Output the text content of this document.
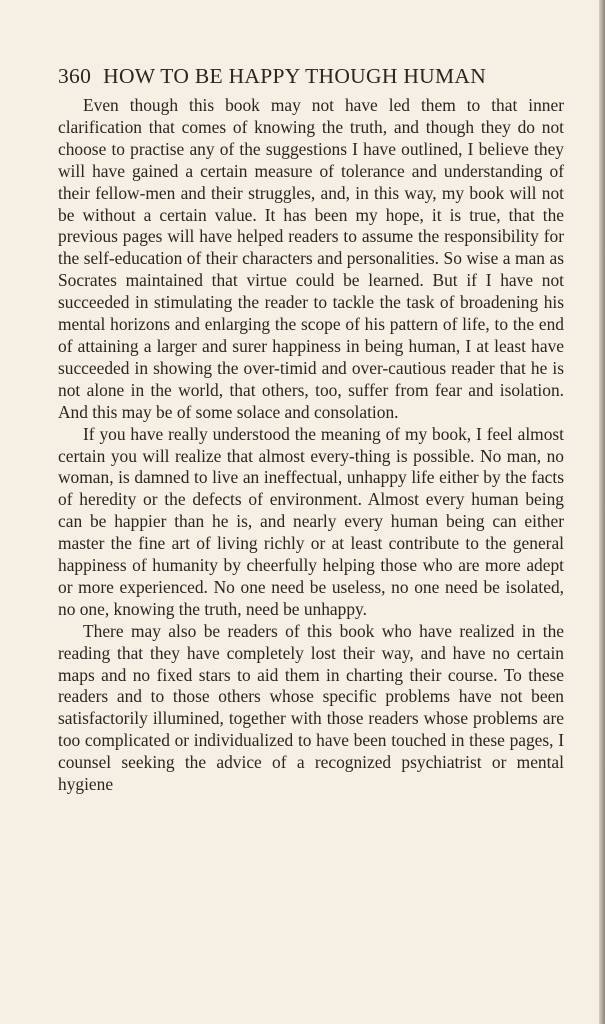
360 HOW TO BE HAPPY THOUGH HUMAN

Even though this book may not have led them to that inner clarification that comes of knowing the truth, and though they do not choose to practise any of the suggestions I have outlined, I believe they will have gained a certain measure of tolerance and understanding of their fellow-men and their struggles, and, in this way, my book will not be without a certain value. It has been my hope, it is true, that the previous pages will have helped readers to assume the responsibility for the self-education of their characters and personalities. So wise a man as Socrates maintained that virtue could be learned. But if I have not succeeded in stimulating the reader to tackle the task of broadening his mental horizons and enlarging the scope of his pattern of life, to the end of attaining a larger and surer happiness in being human, I at least have succeeded in showing the over-timid and over-cautious reader that he is not alone in the world, that others, too, suffer from fear and isolation. And this may be of some solace and consolation.

If you have really understood the meaning of my book, I feel almost certain you will realize that almost every-thing is possible. No man, no woman, is damned to live an ineffectual, unhappy life either by the facts of heredity or the defects of environment. Almost every human being can be happier than he is, and nearly every human being can either master the fine art of living richly or at least contribute to the general happiness of humanity by cheerfully helping those who are more adept or more experienced. No one need be useless, no one need be isolated, no one, knowing the truth, need be unhappy.

There may also be readers of this book who have realized in the reading that they have completely lost their way, and have no certain maps and no fixed stars to aid them in charting their course. To these readers and to those others whose specific problems have not been satisfactorily illumined, together with those readers whose problems are too complicated or individualized to have been touched in these pages, I counsel seeking the advice of a recognized psychiatrist or mental hygiene
